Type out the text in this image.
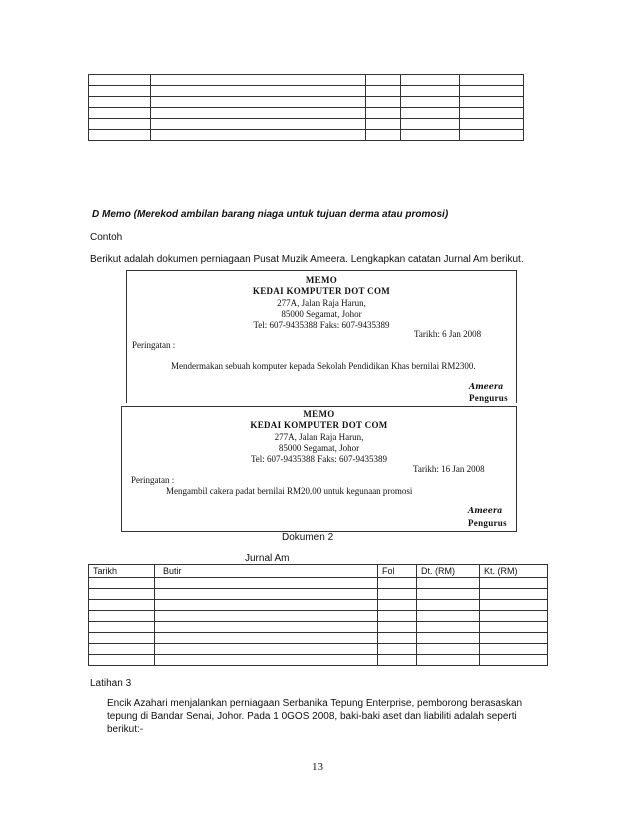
D Memo (Merekod ambilan barang niaga untuk tujuan derma atau promosi)
Contoh
Berikut adalah dokumen perniagaan Pusat Muzik Ameera. Lengkapkan catatan Jurnal Am berikut.
MEMO
KEDAI KOMPUTER DOT COM
277A, Jalan Raja Harun,
85000 Segamat, Johor
Tel: 607-9435388 Faks: 607-9435389
Tarikh: 6 Jan 2008
Peringatan :
Mendermakan sebuah komputer kepada Sekolah Pendidikan Khas bernilai RM2300.
Ameera
Pengurus
MEMO
KEDAI KOMPUTER DOT COM
277A, Jalan Raja Harun,
85000 Segamat, Johor
Tel: 607-9435388 Faks: 607-9435389
Tarikh: 16 Jan 2008
Peringatan :
Mengambil cakera padat bernilai RM20.00 untuk kegunaan promosi
Ameera
Pengurus
Dokumen 2
Jurnal Am
Tarikh	Butir	Fol	Dt. (RM)	Kt. (RM)

Latihan 3
Encik Azahari menjalankan perniagaan Serbanika Tepung Enterprise, pemborong berasaskan
tepung di Bandar Senai, Johor. Pada 1 0GOS 2008, baki-baki aset dan liabiliti adalah seperti
berikut:-
13
